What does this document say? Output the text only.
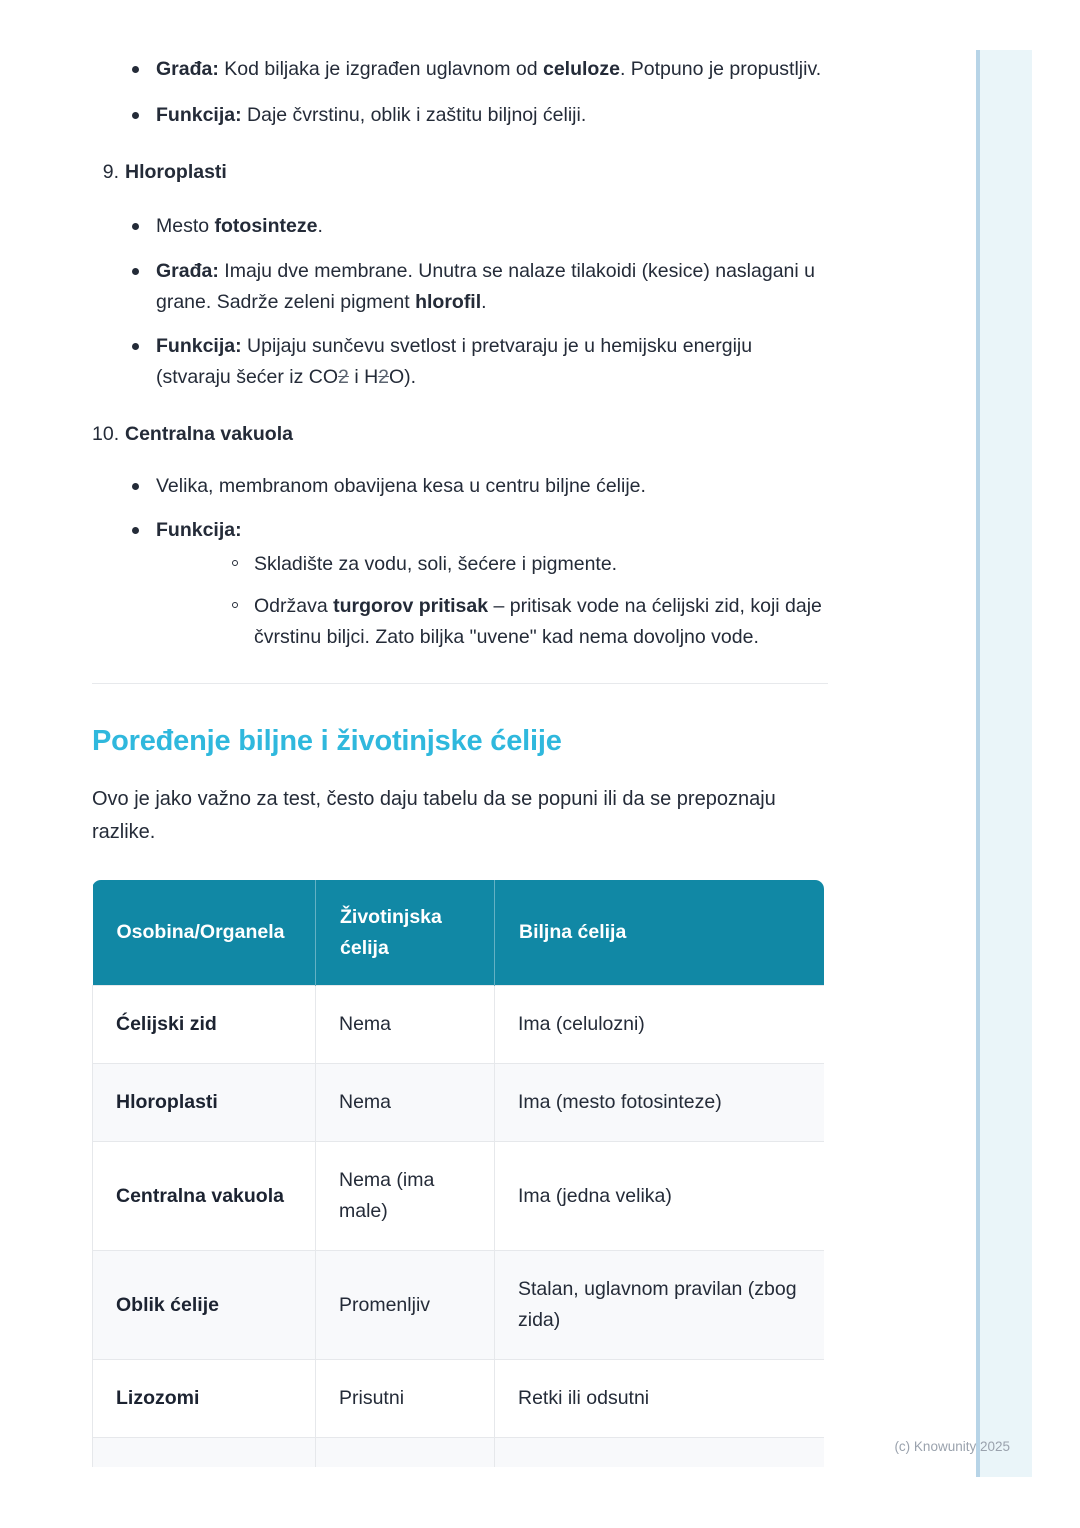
(c) Knowunity 2025
Građa: Kod biljaka je izgrađen uglavnom od celuloze. Potpuno je propustljiv.
Funkcija: Daje čvrstinu, oblik i zaštitu biljnoj ćeliji.
9. Hloroplasti
Mesto fotosinteze.
Građa: Imaju dve membrane. Unutra se nalaze tilakoidi (kesice) naslagani u grane. Sadrže zeleni pigment hlorofil.
Funkcija: Upijaju sunčevu svetlost i pretvaraju je u hemijsku energiju (stvaraju šećer iz CO2 i H2O).
10. Centralna vakuola
Velika, membranom obavijena kesa u centru biljne ćelije.
Funkcija:
Skladište za vodu, soli, šećere i pigmente.
Održava turgorov pritisak – pritisak vode na ćelijski zid, koji daje čvrstinu biljci. Zato biljka "uvene" kad nema dovoljno vode.
Poređenje biljne i životinjske ćelije

Ovo je jako važno za test, često daju tabelu da se popuni ili da se prepoznaju razlike.

Osobina/Organela	Životinjska ćelija	Biljna ćelija
Ćelijski zid	Nema	Ima (celulozni)
Hloroplasti	Nema	Ima (mesto fotosinteze)
Centralna vakuola	Nema (ima male)	Ima (jedna velika)
Oblik ćelije	Promenljiv	Stalan, uglavnom pravilan (zbog zida)
Lizozomi	Prisutni	Retki ili odsutni
